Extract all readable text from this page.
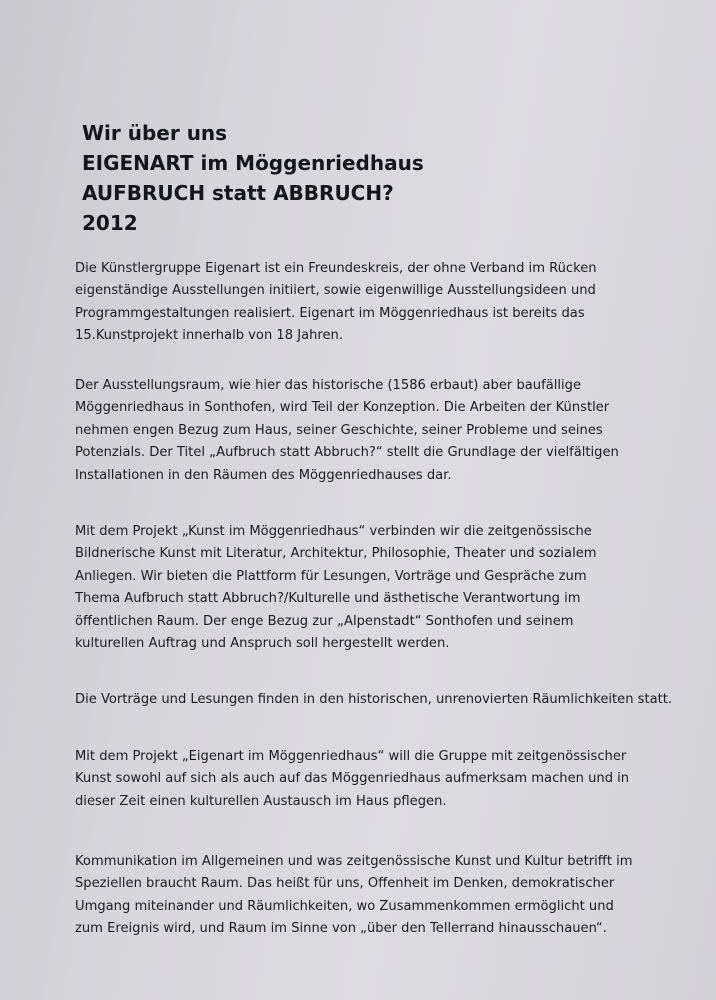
Wir über uns
EIGENART im Möggenriedhaus
AUFBRUCH statt ABBRUCH?
2012
Die Künstlergruppe Eigenart ist ein Freundeskreis, der ohne Verband im Rücken
eigenständige Ausstellungen initiiert, sowie eigenwillige Ausstellungsideen und
Programmgestaltungen realisiert. Eigenart im Möggenriedhaus ist bereits das
15.Kunstprojekt innerhalb von 18 Jahren.
Der Ausstellungsraum, wie hier das historische (1586 erbaut) aber baufällige
Möggenriedhaus in Sonthofen, wird Teil der Konzeption. Die Arbeiten der Künstler
nehmen engen Bezug zum Haus, seiner Geschichte, seiner Probleme und seines
Potenzials. Der Titel „Aufbruch statt Abbruch?“ stellt die Grundlage der vielfältigen
Installationen in den Räumen des Möggenriedhauses dar.
Mit dem Projekt „Kunst im Möggenriedhaus“ verbinden wir die zeitgenössische
Bildnerische Kunst mit Literatur, Architektur, Philosophie, Theater und sozialem
Anliegen. Wir bieten die Plattform für Lesungen, Vorträge und Gespräche zum
Thema Aufbruch statt Abbruch?/Kulturelle und ästhetische Verantwortung im
öffentlichen Raum. Der enge Bezug zur „Alpenstadt“ Sonthofen und seinem
kulturellen Auftrag und Anspruch soll hergestellt werden.
Die Vorträge und Lesungen finden in den historischen, unrenovierten Räumlichkeiten statt.
Mit dem Projekt „Eigenart im Möggenriedhaus“ will die Gruppe mit zeitgenössischer
Kunst sowohl auf sich als auch auf das Möggenriedhaus aufmerksam machen und in
dieser Zeit einen kulturellen Austausch im Haus pflegen.
Kommunikation im Allgemeinen und was zeitgenössische Kunst und Kultur betrifft im
Speziellen braucht Raum. Das heißt für uns, Offenheit im Denken, demokratischer
Umgang miteinander und Räumlichkeiten, wo Zusammenkommen ermöglicht und
zum Ereignis wird, und Raum im Sinne von „über den Tellerrand hinausschauen“.
